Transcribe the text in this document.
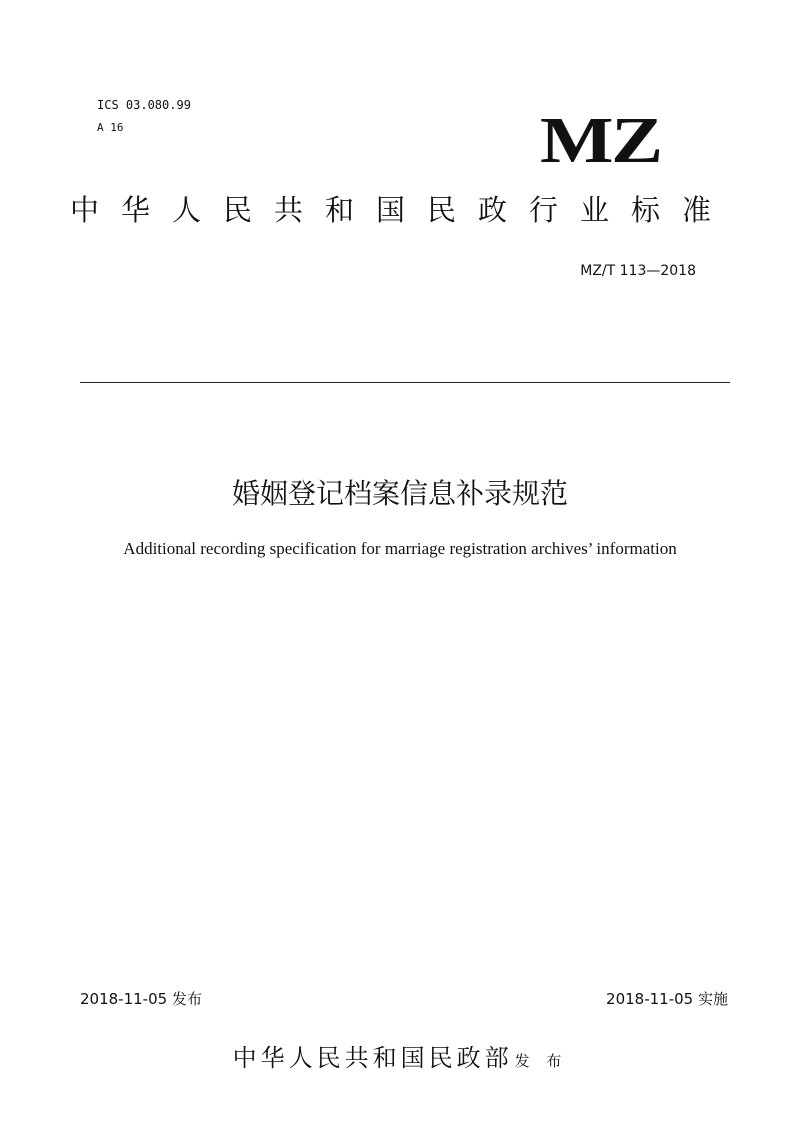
ICS 03.080.99
A 16	MZ
中华人民共和国民政行业标准
MZ/T 113—2018
婚姻登记档案信息补录规范
Additional recording specification for marriage registration archives’ information
2018-11-05 发布	2018-11-05 实施
中华人民共和国民政部 发 布
